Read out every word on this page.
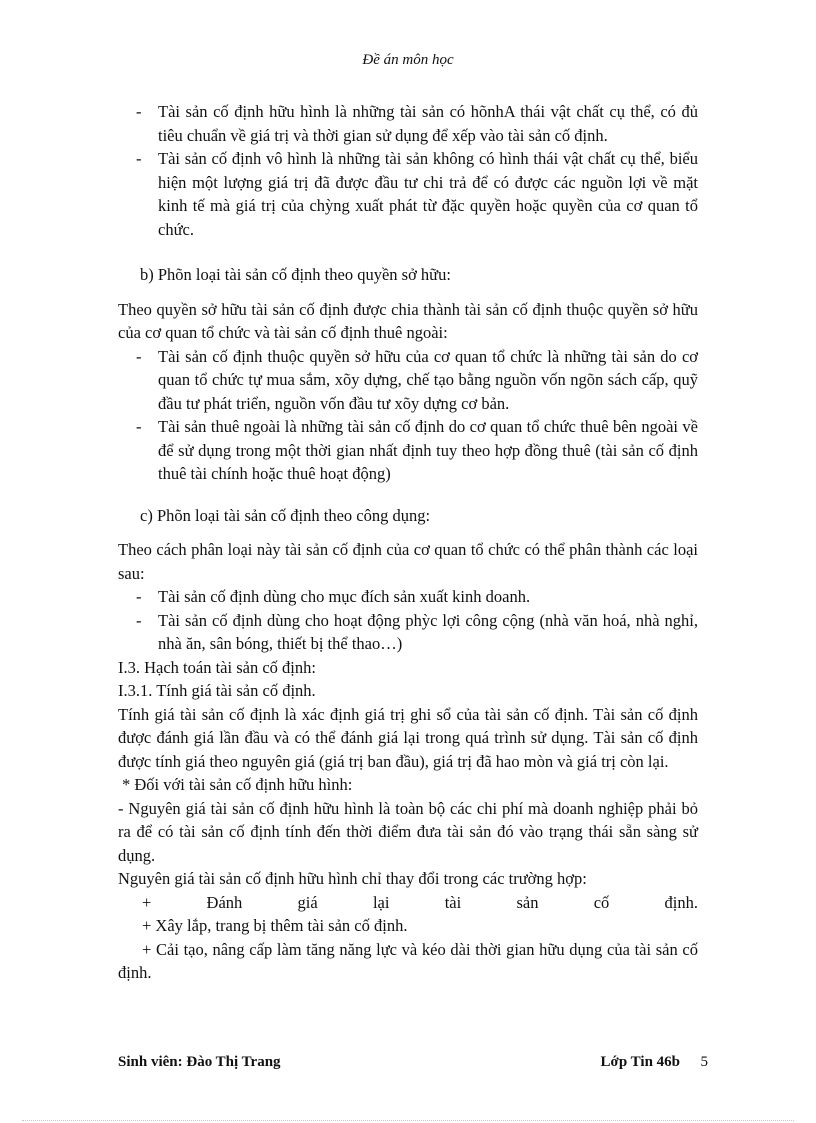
Đề án môn học
- Tài sản cố định hữu hình là những tài sản có hõnhA thái vật chất cụ thể, có đủ tiêu chuẩn về giá trị và thời gian sử dụng để xếp vào tài sản cố định.
- Tài sản cố định vô hình là những tài sản không có hình thái vật chất cụ thể, biểu hiện một lượng giá trị đã được đầu tư chi trả để có được các nguồn lợi về mặt kinh tế mà giá trị của chỳng xuất phát từ đặc quyền hoặc quyền của cơ quan tổ chức.

b) Phõn loại tài sản cố định theo quyền sở hữu:

Theo quyền sở hữu tài sản cố định được chia thành tài sản cố định thuộc quyền sở hữu của cơ quan tổ chức và tài sản cố định thuê ngoài:

- Tài sản cố định thuộc quyền sở hữu của cơ quan tổ chức là những tài sản do cơ quan tổ chức tự mua sắm, xõy dựng, chế tạo bằng nguồn vốn ngõn sách cấp, quỹ đầu tư phát triển, nguồn vốn đầu tư xõy dựng cơ bản.
- Tài sản thuê ngoài là những tài sản cố định do cơ quan tổ chức thuê bên ngoài về để sử dụng trong một thời gian nhất định tuy theo hợp đồng thuê (tài sản cố định thuê tài chính hoặc thuê hoạt động)

c) Phõn loại tài sản cố định theo công dụng:

Theo cách phân loại này tài sản cố định của cơ quan tổ chức có thể phân thành các loại sau:

- Tài sản cố định dùng cho mục đích sản xuất kinh doanh.
- Tài sản cố định dùng cho hoạt động phỳc lợi công cộng (nhà văn hoá, nhà nghỉ, nhà ăn, sân bóng, thiết bị thể thao…)

I.3. Hạch toán tài sản cố định:

I.3.1. Tính giá tài sản cố định.

Tính giá tài sản cố định là xác định giá trị ghi sổ của tài sản cố định. Tài sản cố định được đánh giá lần đầu và có thể đánh giá lại trong quá trình sử dụng. Tài sản cố định được tính giá theo nguyên giá (giá trị ban đầu), giá trị đã hao mòn và giá trị còn lại.

* Đối với tài sản cố định hữu hình:

- Nguyên giá tài sản cố định hữu hình là toàn bộ các chi phí mà doanh nghiệp phải bỏ ra để có tài sản cố định tính đến thời điểm đưa tài sản đó vào trạng thái sẵn sàng sử dụng.

Nguyên giá tài sản cố định hữu hình chỉ thay đổi trong các trường hợp:

+ Đánh giá lại tài sản cố định.

+ Xây lắp, trang bị thêm tài sản cố định.

+ Cải tạo, nâng cấp làm tăng năng lực và kéo dài thời gian hữu dụng của tài sản cố định.

Sinh viên: Đào Thị Trang	Lớp Tin 46b 5
